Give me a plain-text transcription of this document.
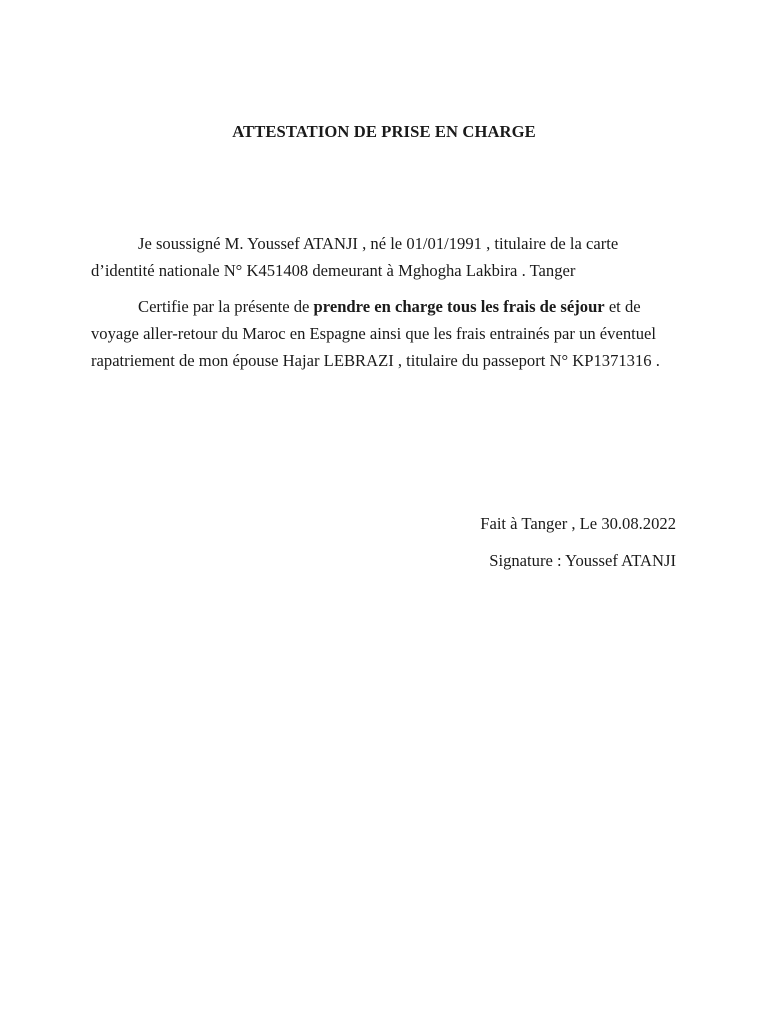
ATTESTATION DE PRISE EN CHARGE

Je soussigné M. Youssef ATANJI , né le 01/01/1991 , titulaire de la carte d’identité nationale N° K451408 demeurant à Mghogha Lakbira . Tanger

Certifie par la présente de prendre en charge tous les frais de séjour et de voyage aller-retour du Maroc en Espagne ainsi que les frais entrainés par un éventuel rapatriement de mon épouse Hajar LEBRAZI , titulaire du passeport N° KP1371316 .

Fait à Tanger , Le 30.08.2022
Signature : Youssef ATANJI
